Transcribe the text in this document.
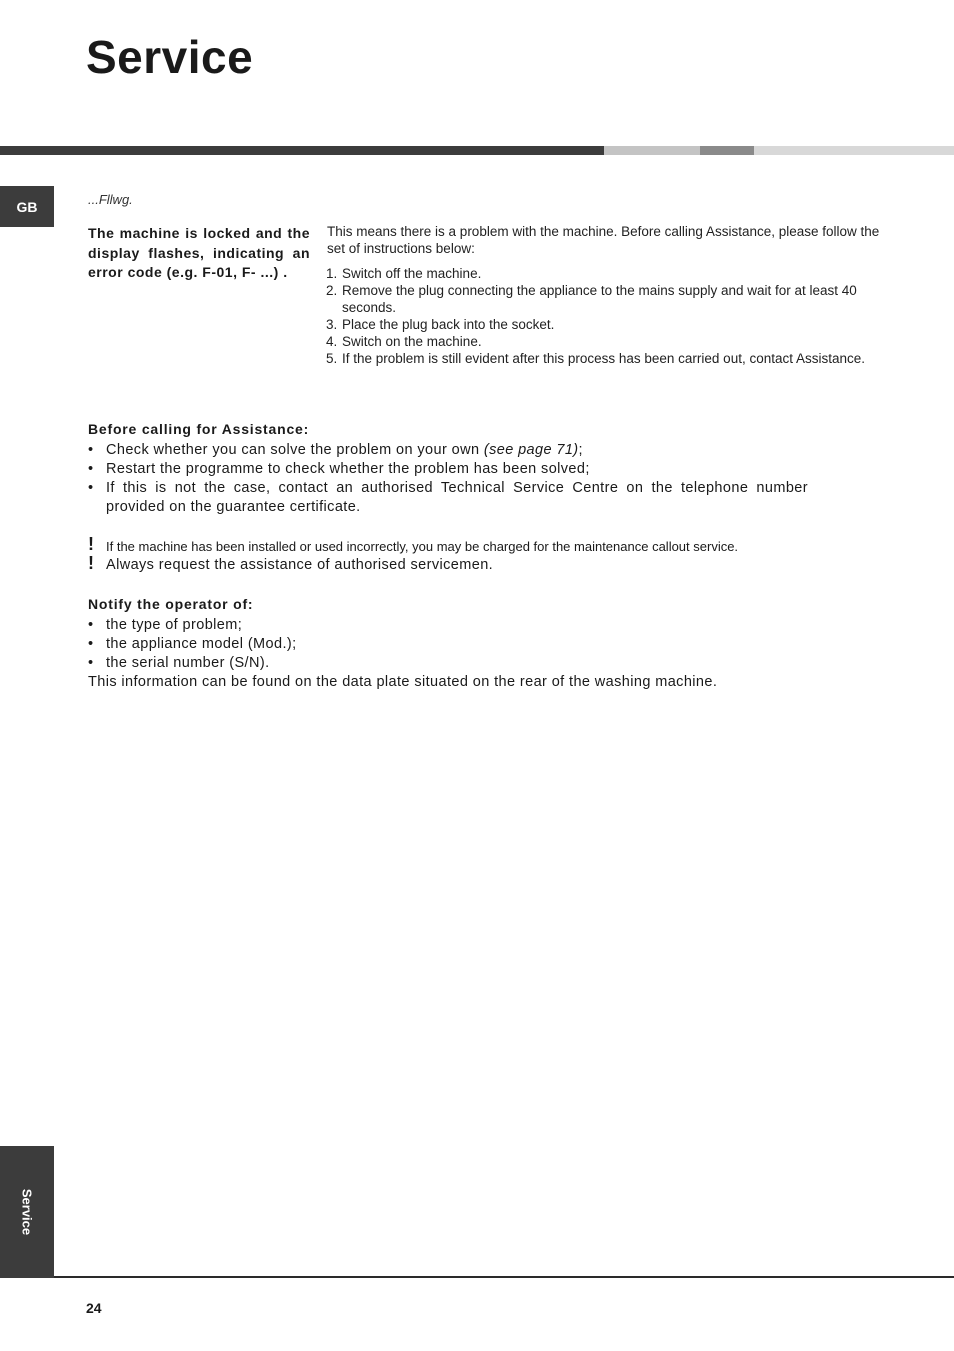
Service
GB	...Fllwg.

The machine is locked and the display flashes, indicating an error code (e.g. F-01, F- ...) .

This means there is a problem with the machine. Before calling Assistance, please follow the set of instructions below:

1. Switch off the machine.
2. Remove the plug connecting the appliance to the mains supply and wait for at least 40 seconds.
3. Place the plug back into the socket.
4. Switch on the machine.
5. If the problem is still evident after this process has been carried out, contact Assistance.
Before calling for Assistance:
• Check whether you can solve the problem on your own (see page 71);
• Restart the programme to check whether the problem has been solved;
• If this is not the case, contact an authorised Technical Service Centre on the telephone number provided on the guarantee certificate.
! If the machine has been installed or used incorrectly, you may be charged for the maintenance callout service.
! Always request the assistance of authorised servicemen.
Notify the operator of:
• the type of problem;
• the appliance model (Mod.);
• the serial number (S/N).
This information can be found on the data plate situated on the rear of the washing machine.
Service
24
